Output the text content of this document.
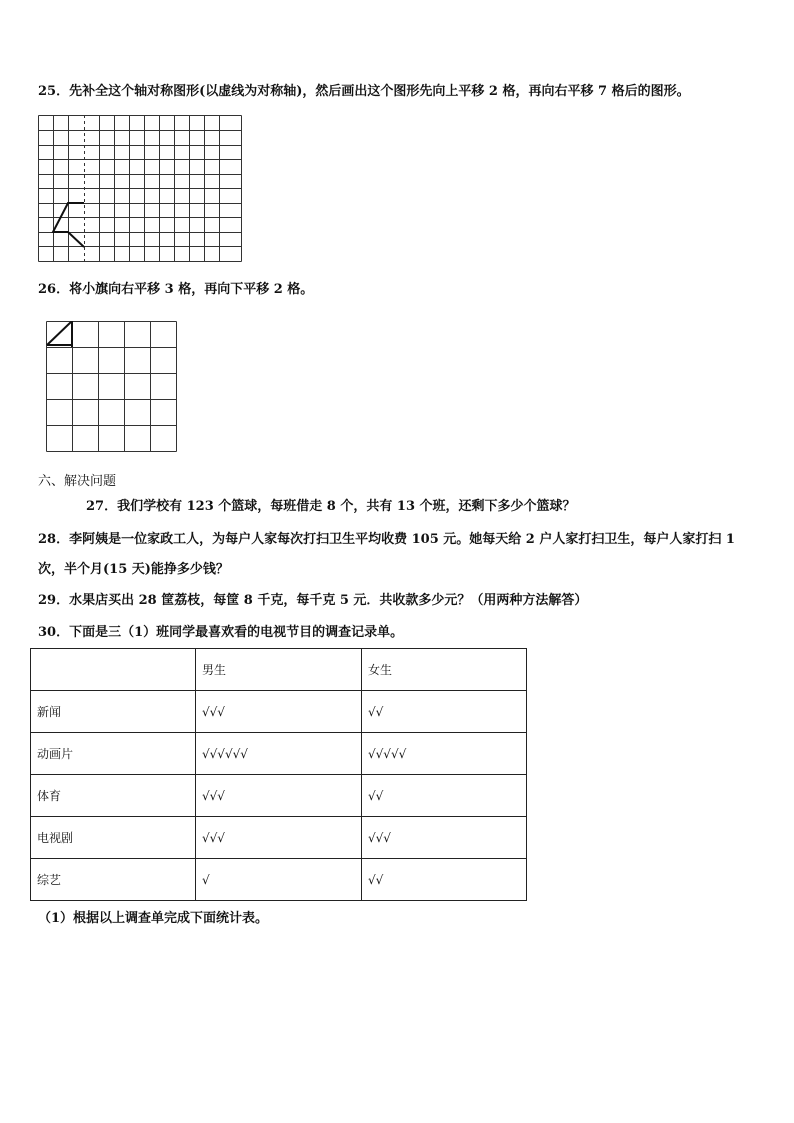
25．先补全这个轴对称图形(以虚线为对称轴)，然后画出这个图形先向上平移 2 格，再向右平移 7 格后的图形。
26．将小旗向右平移 3 格，再向下平移 2 格。
六、解决问题
27．我们学校有 123 个篮球，每班借走 8 个，共有 13 个班，还剩下多少个篮球？
28．李阿姨是一位家政工人，为每户人家每次打扫卫生平均收费 105 元。她每天给 2 户人家打扫卫生，每户人家打扫 1
次，半个月(15 天)能挣多少钱？
29．水果店买出 28 筐荔枝，每筐 8 千克，每千克 5 元．共收款多少元？（用两种方法解答）
30．下面是三（1）班同学最喜欢看的电视节目的调查记录单。
	男生	女生
新闻	√√√	√√
动画片	√√√√√√	√√√√√
体育	√√√	√√
电视剧	√√√	√√√
综艺	√	√√
（1）根据以上调查单完成下面统计表。
